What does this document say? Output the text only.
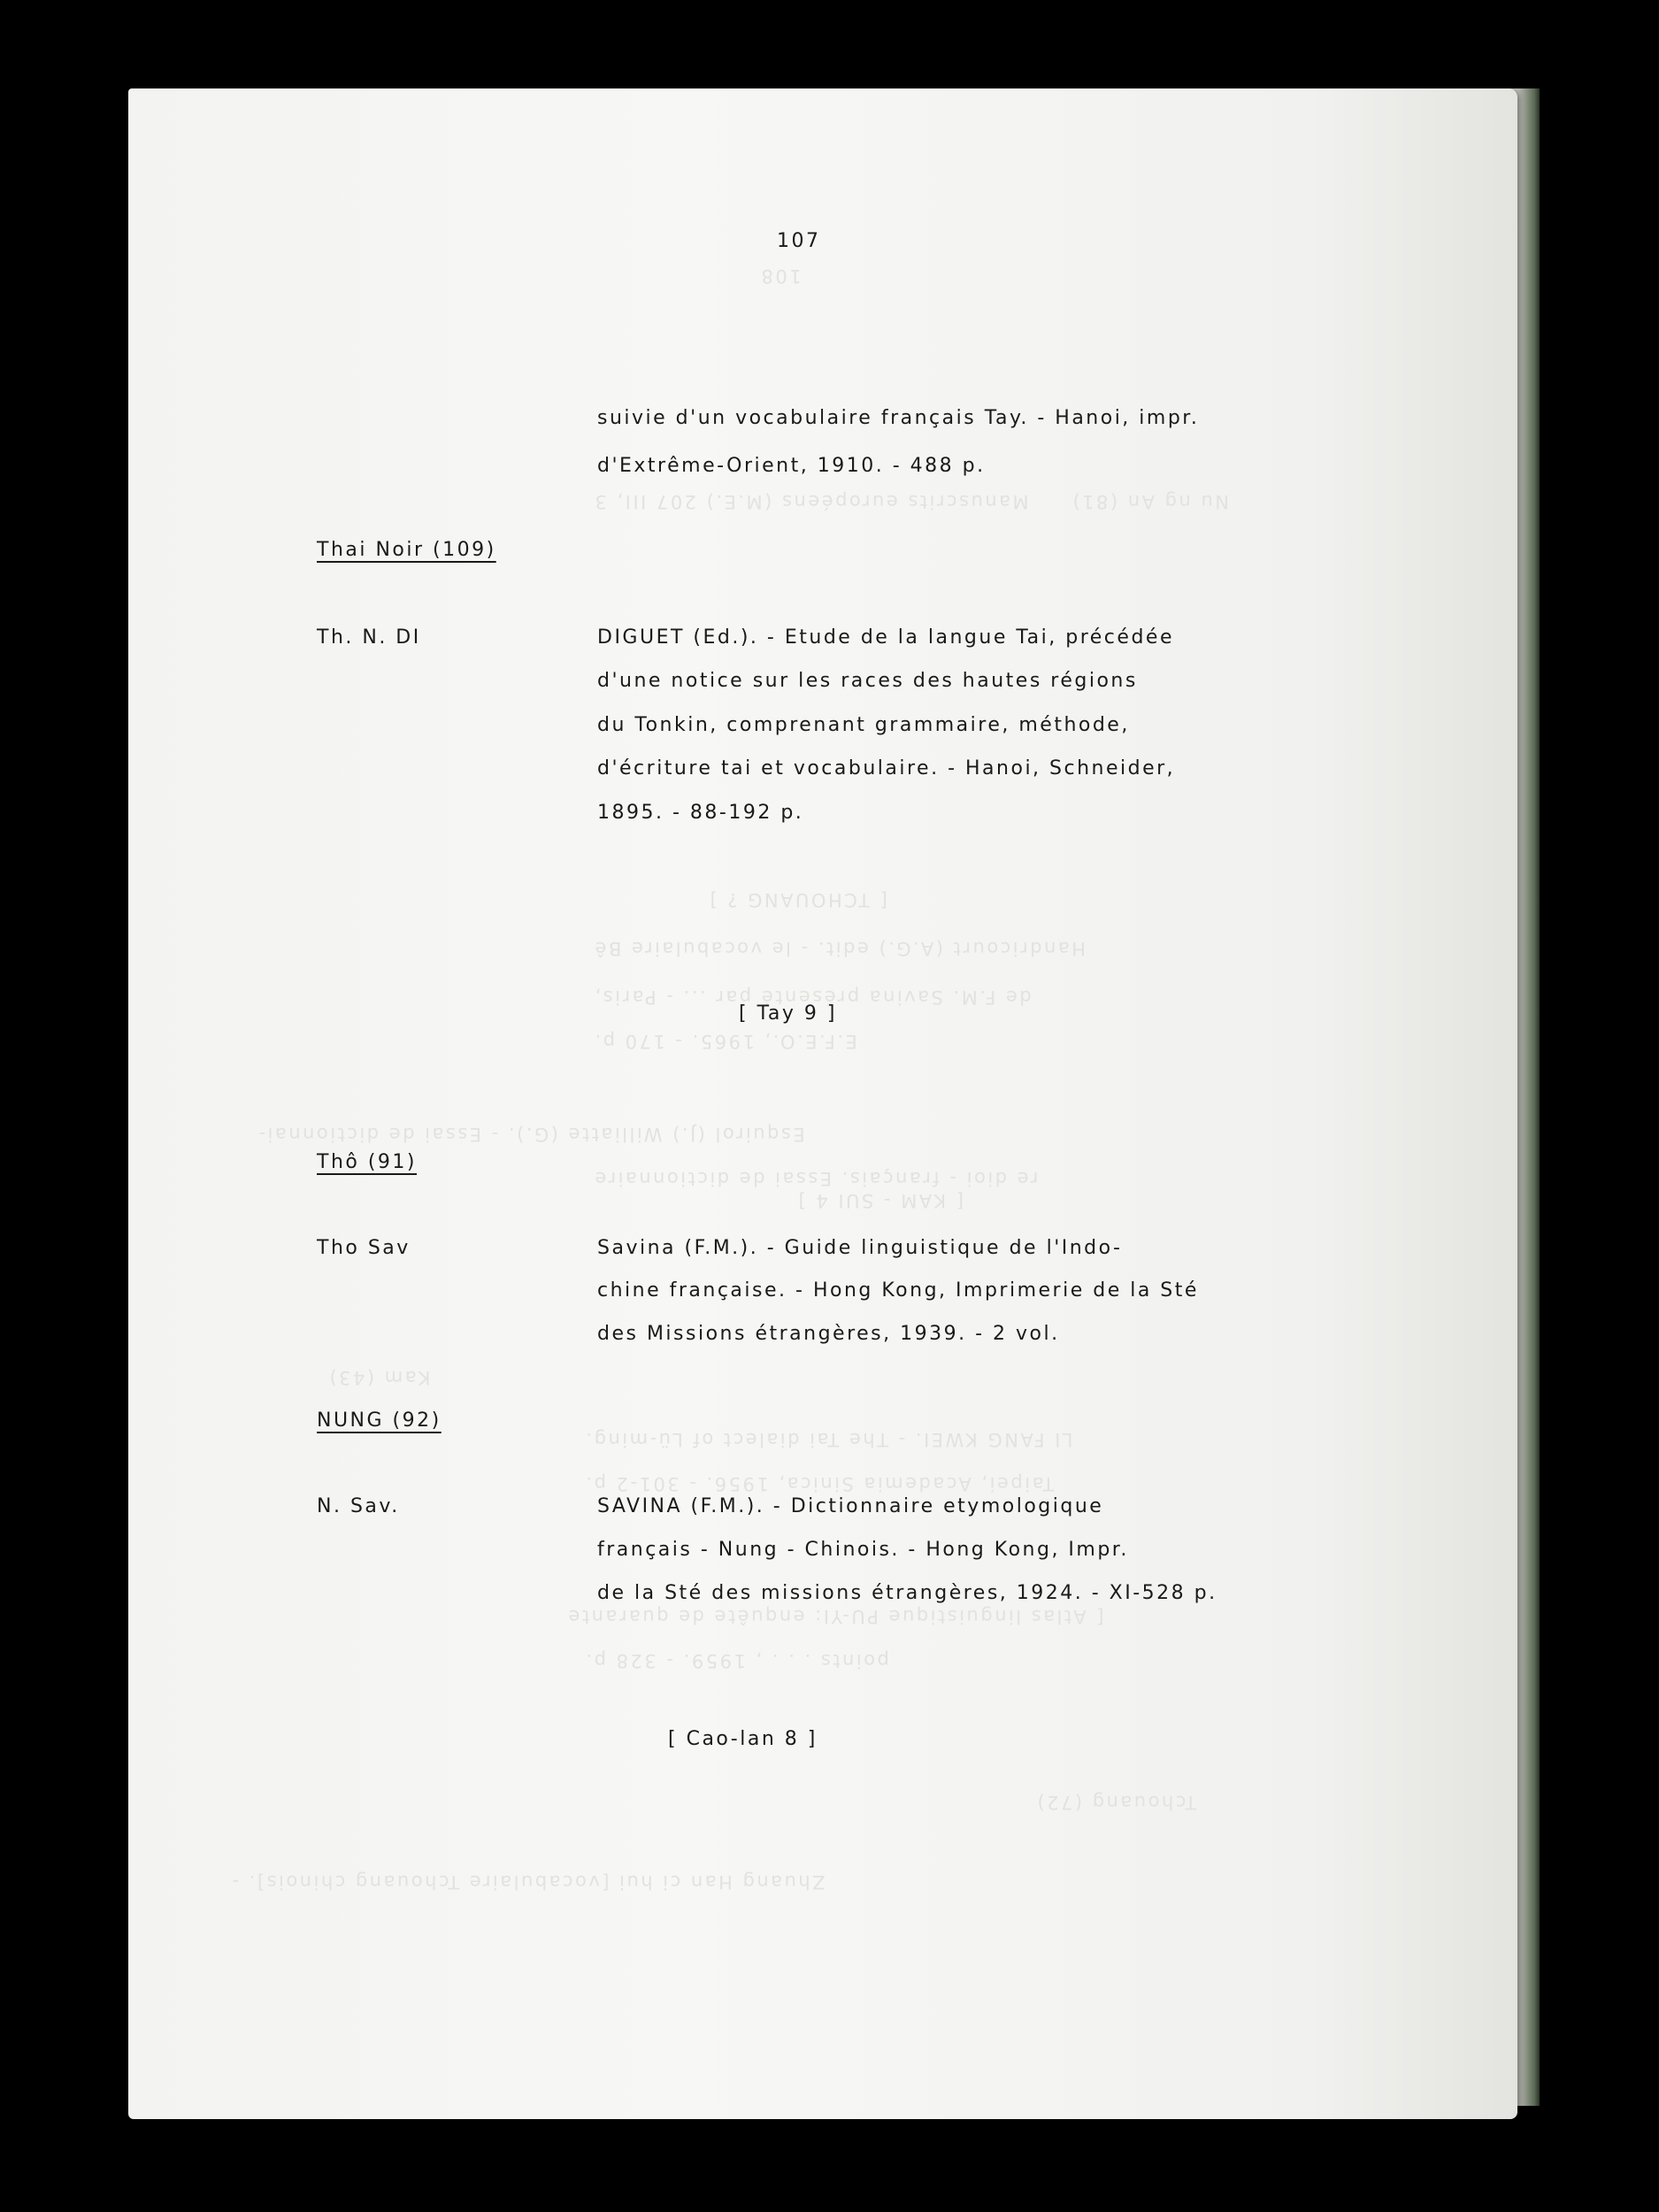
108
Nu ng An (81)
Manuscrits européens (M.E.) 207 III, 3
[ TCHOUANG ? ]
Handricourt (A.G.) edit. - le vocabulaire Bê
de F.M. Savina présenté par ... - Paris,
E.F.E.O., 1965. - 170 p.
[ KAM - SUI 4 ]
Esquirol (J.) Williatte (G.). - Essai de dictionnai-
re dioi - français. Essai de dictionnaire
Kam (43)
LI FANG KWEI. - The Tai dialect of Lü-ming.
Taipei, Academia Sinica, 1956. - 301-2 p.
[ Atlas linguistique PU-YI: enquête de quarante
points . . . , 1959. - 328 p.
Tchouang (72)
Zhuang Han ci hui [vocabulaire Tchouang chinois]. -
107
suivie d'un vocabulaire français Tay. - Hanoi, impr.
d'Extrême-Orient, 1910. - 488 p.
Thai Noir (109)
Th. N. DI	DIGUET (Ed.). - Etude de la langue Tai, précédée
d'une notice sur les races des hautes régions
du Tonkin, comprenant grammaire, méthode,
d'écriture tai et vocabulaire. - Hanoi, Schneider,
1895. - 88-192 p.
[ Tay 9 ]
Thô (91)
Tho Sav	Savina (F.M.). - Guide linguistique de l'Indo-
chine française. - Hong Kong, Imprimerie de la Sté
des Missions étrangères, 1939. - 2 vol.
NUNG (92)
N. Sav.	SAVINA (F.M.). - Dictionnaire etymologique
français - Nung - Chinois. - Hong Kong, Impr.
de la Sté des missions étrangères, 1924. - XI-528 p.
[ Cao-lan 8 ]
